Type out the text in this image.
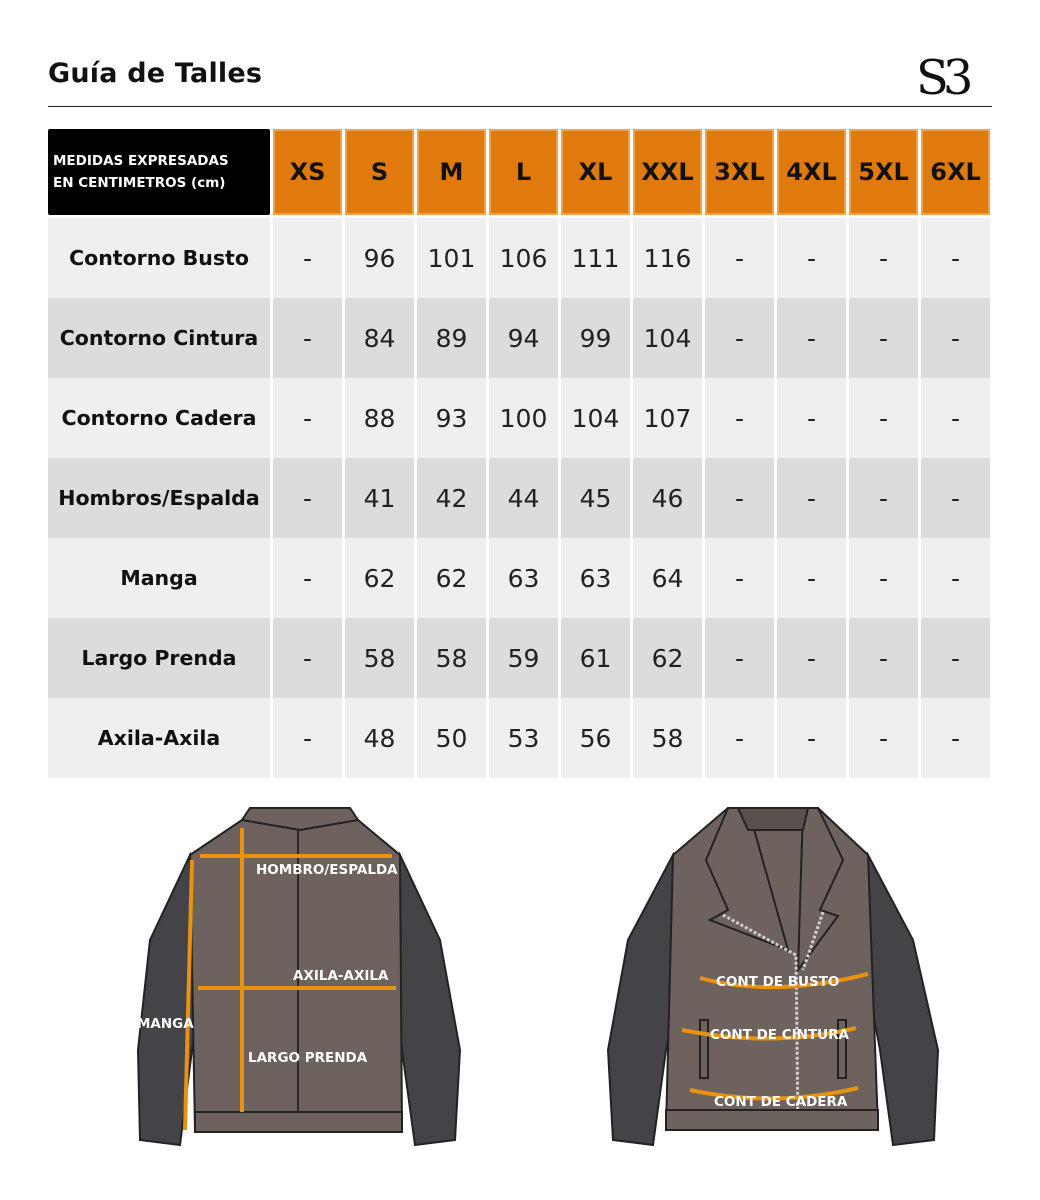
Guía de Talles	S3
MEDIDAS EXPRESADAS
EN CENTIMETROS (cm)	XS	S	M	L	XL	XXL 3XL 4XL 5XL 6XL
Contorno Busto	-	96	101 106 111 116	-	-	-	-
Contorno Cintura	-	84	89	94	99	104	-	-	-	-
Contorno Cadera	-	88	93	100 104 107	-	-	-	-
Hombros/Espalda	-	41	42	44	45	46	-	-	-	-
Manga	-	62	62	63	63	64	-	-	-	-
Largo Prenda	-	58	58	59	61	62	-	-	-	-
Axila-Axila	-	48	50	53	56	58	-	-	-	-
HOMBRO/ESPALDA
AXILA-AXILA
MANGA
LARGO PRENDA
CONT DE BUSTO
CONT DE CINTURA
CONT DE CADERA
